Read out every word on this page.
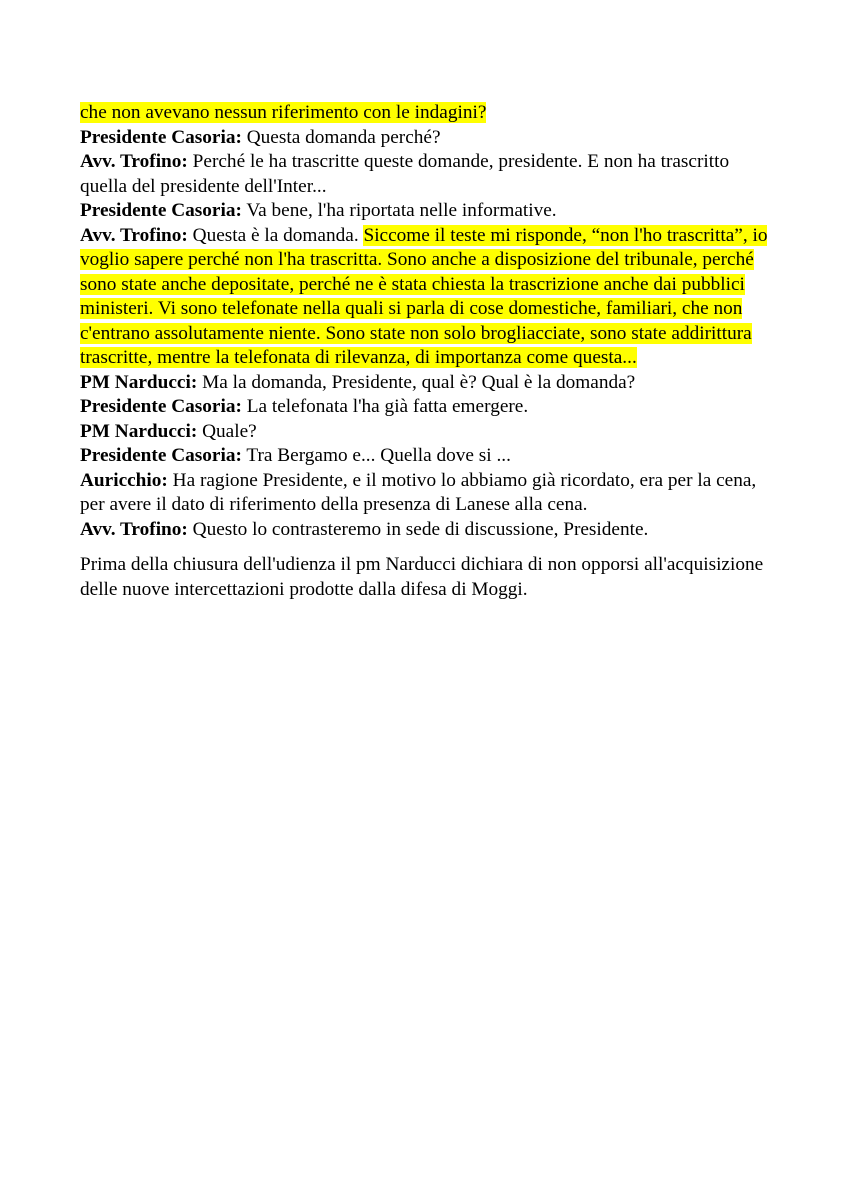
che non avevano nessun riferimento con le indagini?

Presidente Casoria: Questa domanda perché?

Avv. Trofino: Perché le ha trascritte queste domande, presidente. E non ha trascritto quella del presidente dell'Inter...

Presidente Casoria: Va bene, l'ha riportata nelle informative.

Avv. Trofino: Questa è la domanda. Siccome il teste mi risponde, “non l'ho trascritta”, io voglio sapere perché non l'ha trascritta. Sono anche a disposizione del tribunale, perché sono state anche depositate, perché ne è stata chiesta la trascrizione anche dai pubblici ministeri. Vi sono telefonate nella quali si parla di cose domestiche, familiari, che non c'entrano assolutamente niente. Sono state non solo brogliacciate, sono state addirittura trascritte, mentre la telefonata di rilevanza, di importanza come questa...

PM Narducci: Ma la domanda, Presidente, qual è? Qual è la domanda?

Presidente Casoria: La telefonata l'ha già fatta emergere.

PM Narducci: Quale?

Presidente Casoria: Tra Bergamo e... Quella dove si ...

Auricchio: Ha ragione Presidente, e il motivo lo abbiamo già ricordato, era per la cena, per avere il dato di riferimento della presenza di Lanese alla cena.

Avv. Trofino: Questo lo contrasteremo in sede di discussione, Presidente.

Prima della chiusura dell'udienza il pm Narducci dichiara di non opporsi all'acquisizione delle nuove intercettazioni prodotte dalla difesa di Moggi.
